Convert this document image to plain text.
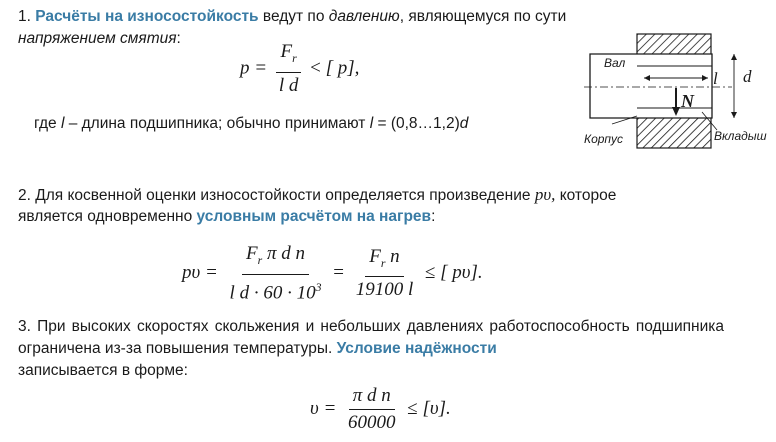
1. Расчёты на износостойкость ведут по давлению, являющемуся по сути
напряжением смятия:
$p = \frac{F_r}{\text{l d}}$ < [ p],
где l – длина подшипника; обычно принимают l = (0,8…1,2)d
Вал
Корпус	Вкладыш
l d
N
2. Для косвенной оценки износостойкости определяется произведение pυ, которое
является одновременно условным расчётом на нагрев:
$p\upsilon = \frac{F_r \pi d n}{l d \cdot 60 \cdot 10^3} = \frac{F_r n}{19100 l}$ ≤ [ pυ].
3. При высоких скоростях скольжения и небольших давлениях работоспособность подшипника ограничена из-за повышения температуры. Условие надёжности
записывается в форме:
$\upsilon = \frac{\text{π d n}}{60000} \le [\upsilon]$.
